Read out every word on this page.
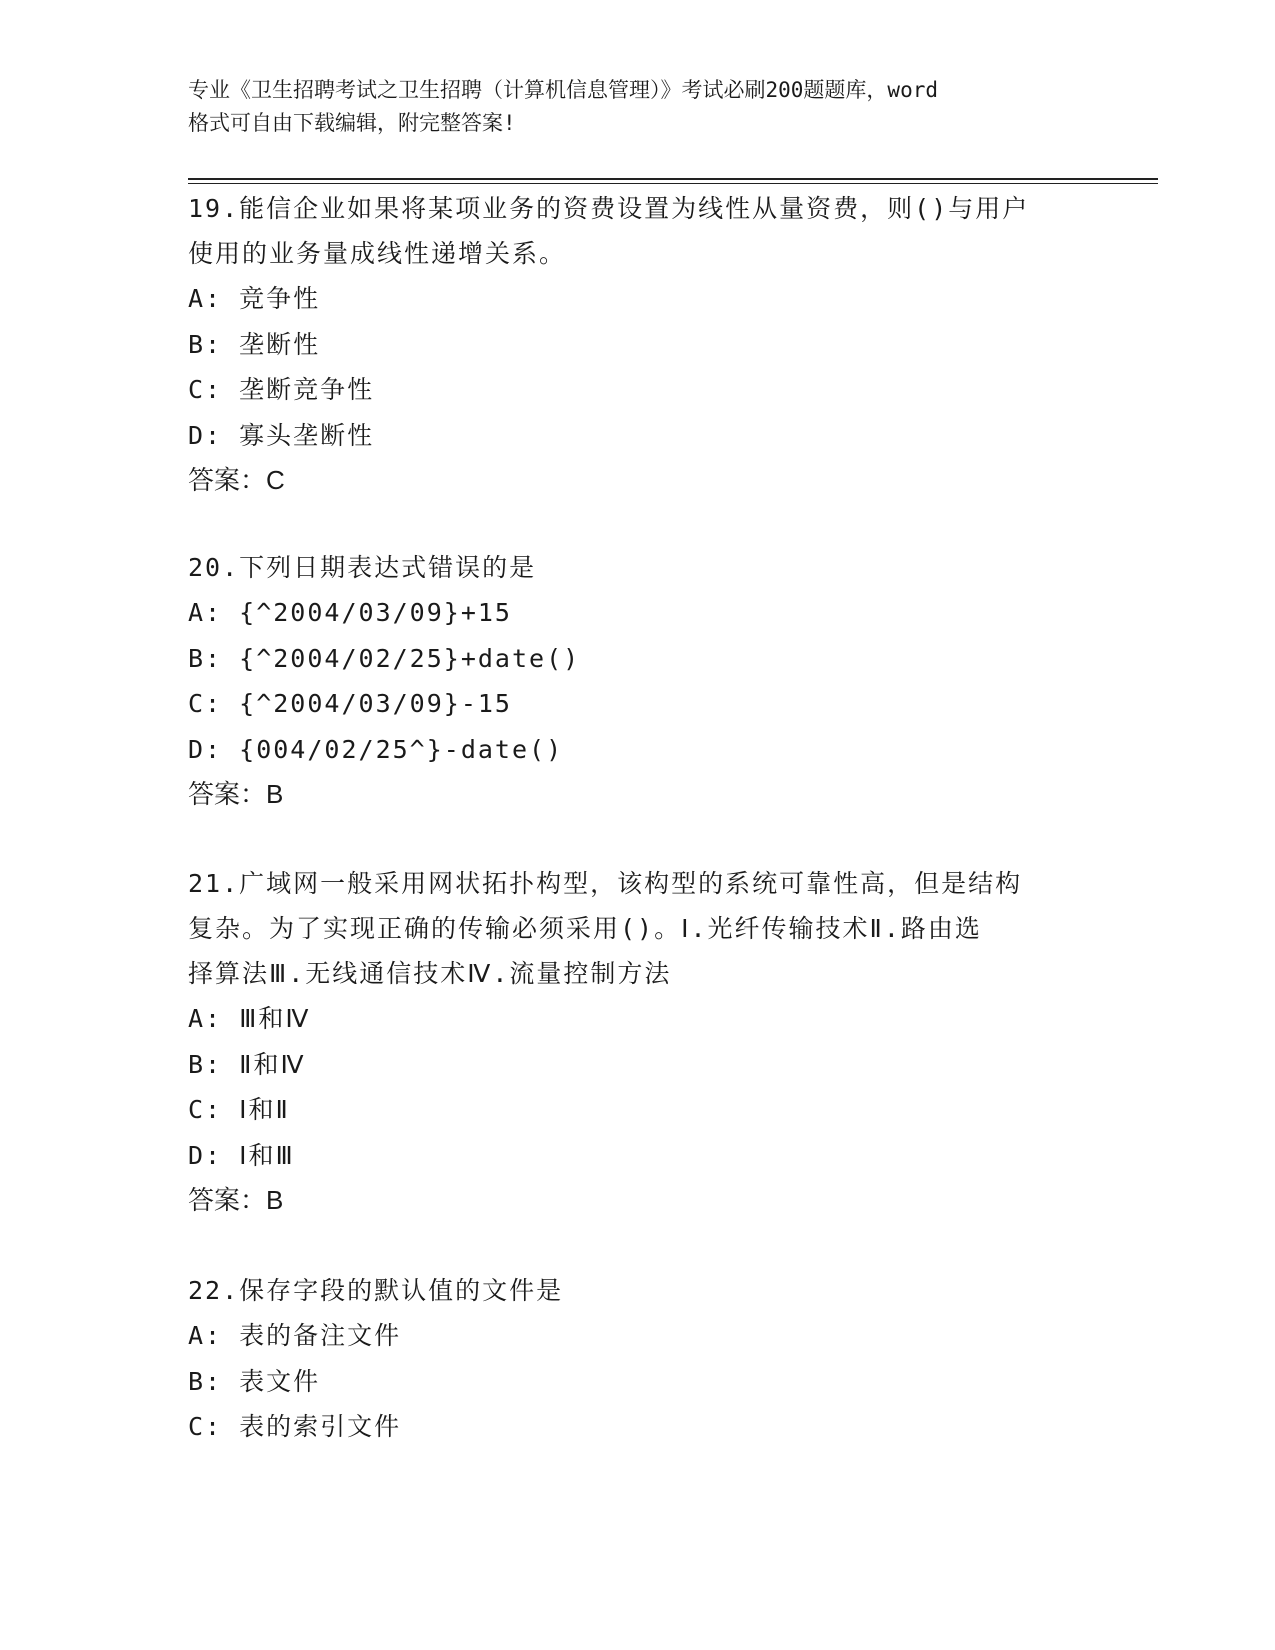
专业《卫生招聘考试之卫生招聘（计算机信息管理）》考试必刷200题题库，word
格式可自由下载编辑，附完整答案!
19.能信企业如果将某项业务的资费设置为线性从量资费，则()与用户
使用的业务量成线性递增关系。
A: 竞争性
B: 垄断性
C: 垄断竞争性
D: 寡头垄断性
答案：C
20.下列日期表达式错误的是
A: {^2004/03/09}+15
B: {^2004/02/25}+date()
C: {^2004/03/09}-15
D: {004/02/25^}-date()
答案：B
21.广域网一般采用网状拓扑构型，该构型的系统可靠性高，但是结构
复杂。为了实现正确的传输必须采用()。Ⅰ.光纤传输技术Ⅱ.路由选
择算法Ⅲ.无线通信技术Ⅳ.流量控制方法
A: Ⅲ和Ⅳ
B: Ⅱ和Ⅳ
C: Ⅰ和Ⅱ
D: Ⅰ和Ⅲ
答案：B
22.保存字段的默认值的文件是
A: 表的备注文件
B: 表文件
C: 表的索引文件
